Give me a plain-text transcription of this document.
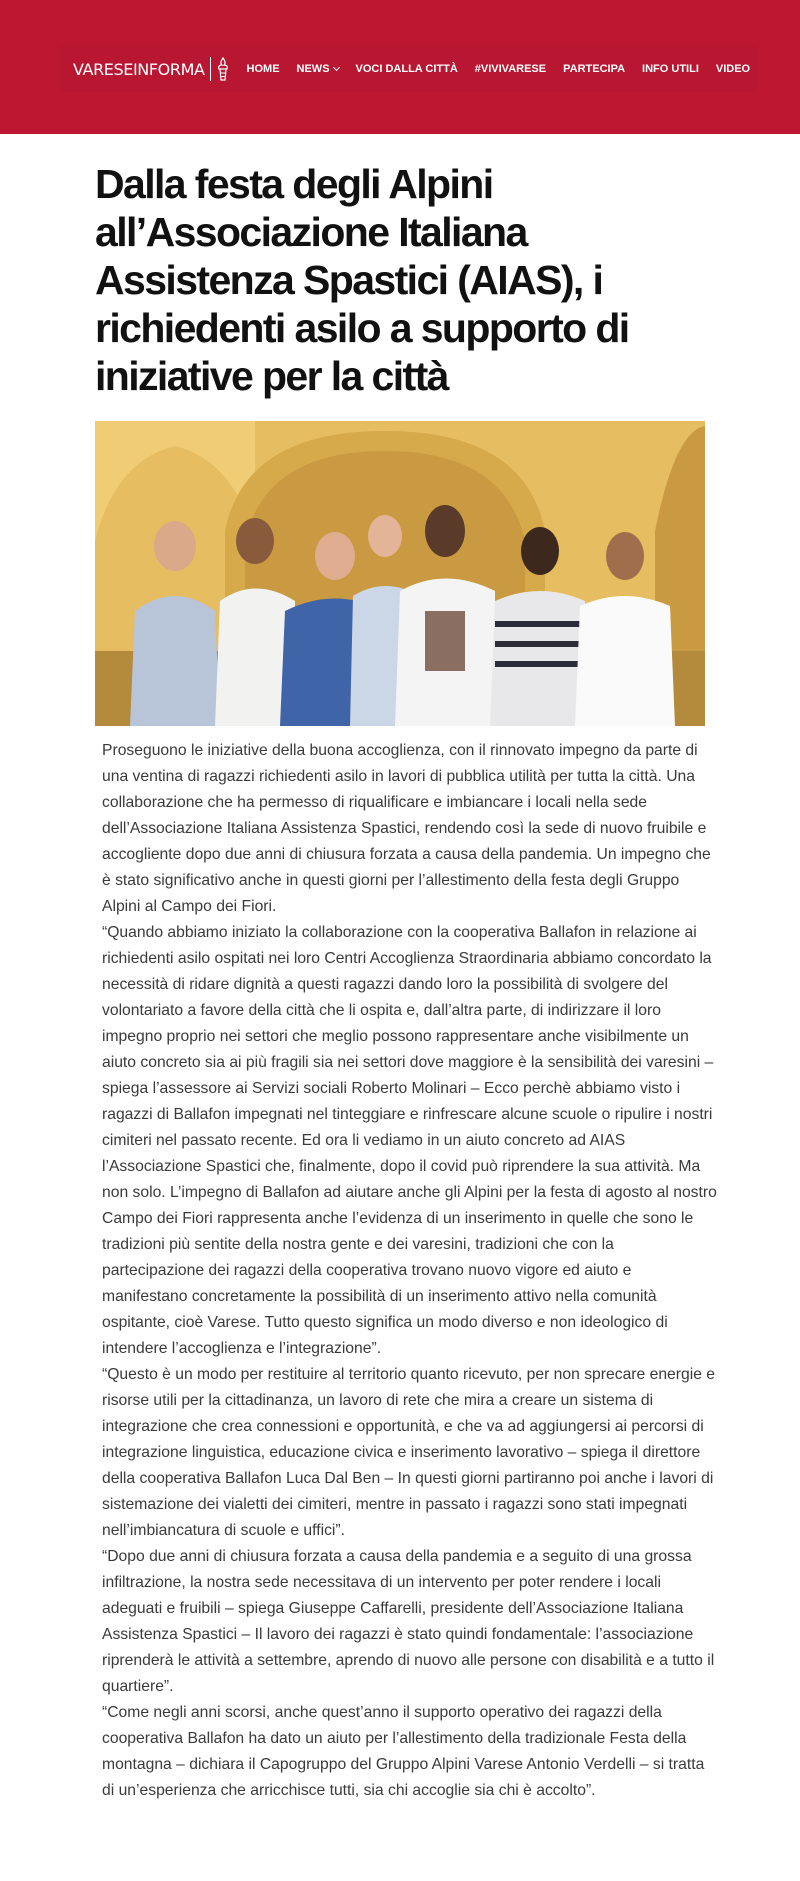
VARESEINFORMA	HOME NEWS VOCI DALLA CITTÀ #VIVIVARESE PARTECIPA INFO UTILI VIDEO
Dalla festa degli Alpini all’Associazione Italiana Assistenza Spastici (AIAS), i richiedenti asilo a supporto di iniziative per la città

Proseguono le iniziative della buona accoglienza, con il rinnovato impegno da parte di una ventina di ragazzi richiedenti asilo in lavori di pubblica utilità per tutta la città. Una collaborazione che ha permesso di riqualificare e imbiancare i locali nella sede dell’Associazione Italiana Assistenza Spastici, rendendo così la sede di nuovo fruibile e accogliente dopo due anni di chiusura forzata a causa della pandemia. Un impegno che è stato significativo anche in questi giorni per l’allestimento della festa degli Gruppo Alpini al Campo dei Fiori.

“Quando abbiamo iniziato la collaborazione con la cooperativa Ballafon in relazione ai richiedenti asilo ospitati nei loro Centri Accoglienza Straordinaria abbiamo concordato la necessità di ridare dignità a questi ragazzi dando loro la possibilità di svolgere del volontariato a favore della città che li ospita e, dall’altra parte, di indirizzare il loro impegno proprio nei settori che meglio possono rappresentare anche visibilmente un aiuto concreto sia ai più fragili sia nei settori dove maggiore è la sensibilità dei varesini – spiega l’assessore ai Servizi sociali Roberto Molinari – Ecco perchè abbiamo visto i ragazzi di Ballafon impegnati nel tinteggiare e rinfrescare alcune scuole o ripulire i nostri cimiteri nel passato recente. Ed ora li vediamo in un aiuto concreto ad AIAS l’Associazione Spastici che, finalmente, dopo il covid può riprendere la sua attività. Ma non solo. L’impegno di Ballafon ad aiutare anche gli Alpini per la festa di agosto al nostro Campo dei Fiori rappresenta anche l’evidenza di un inserimento in quelle che sono le tradizioni più sentite della nostra gente e dei varesini, tradizioni che con la partecipazione dei ragazzi della cooperativa trovano nuovo vigore ed aiuto e manifestano concretamente la possibilità di un inserimento attivo nella comunità ospitante, cioè Varese. Tutto questo significa un modo diverso e non ideologico di intendere l’accoglienza e l’integrazione”.

“Questo è un modo per restituire al territorio quanto ricevuto, per non sprecare energie e risorse utili per la cittadinanza, un lavoro di rete che mira a creare un sistema di integrazione che crea connessioni e opportunità, e che va ad aggiungersi ai percorsi di integrazione linguistica, educazione civica e inserimento lavorativo – spiega il direttore della cooperativa Ballafon Luca Dal Ben – In questi giorni partiranno poi anche i lavori di sistemazione dei vialetti dei cimiteri, mentre in passato i ragazzi sono stati impegnati nell’imbiancatura di scuole e uffici”.

“Dopo due anni di chiusura forzata a causa della pandemia e a seguito di una grossa infiltrazione, la nostra sede necessitava di un intervento per poter rendere i locali adeguati e fruibili – spiega Giuseppe Caffarelli, presidente dell’Associazione Italiana Assistenza Spastici – Il lavoro dei ragazzi è stato quindi fondamentale: l’associazione riprenderà le attività a settembre, aprendo di nuovo alle persone con disabilità e a tutto il quartiere”.

“Come negli anni scorsi, anche quest’anno il supporto operativo dei ragazzi della cooperativa Ballafon ha dato un aiuto per l’allestimento della tradizionale Festa della montagna – dichiara il Capogruppo del Gruppo Alpini Varese Antonio Verdelli – si tratta di un’esperienza che arricchisce tutti, sia chi accoglie sia chi è accolto”.
